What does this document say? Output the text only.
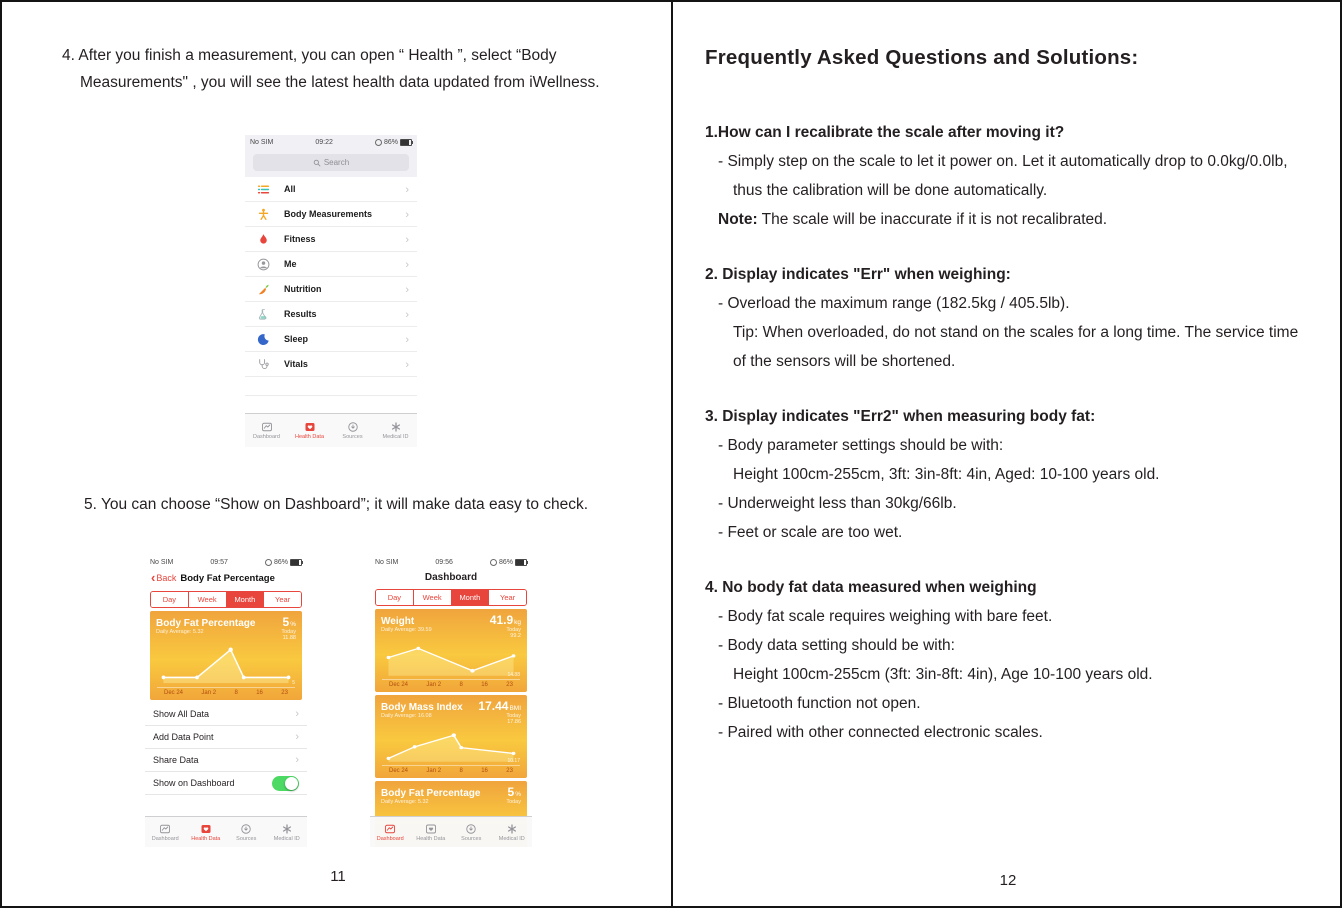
4. After you finish a measurement, you can open “ Health ”, select “Body
Measurements" , you will see the latest health data updated from iWellness.
No SIM	09:22	86%
Search
All
›
Body Measurements
›
Fitness
›
Me
›
Nutrition
›
Results
›
Sleep
›
Vitals
›
Dashboard	Health Data	Sources	Medical ID
5. You can choose “Show on Dashboard”; it will make data easy to check.
No SIM	09:57	86%
‹ Back Body Fat Percentage
Day	Week	Month	Year
Body Fat Percentage	5 %
Daily Average: 5.32	Today
11.88
5
Dec 24	Jan 2	8	16	23
Show All Data
›
Add Data Point
›
Share Data
›
Show on Dashboard
Dashboard Health Data	Sources	Medical ID
No SIM	09:56	86%
Dashboard
Day	Week	Month	Year
Weight	41.9 kg
Daily Average: 39.59	Today
99.2
14.88
Dec 24	Jan 2	8	16	23
Body Mass Index	17.44 BMI
Daily Average: 16.08	Today
17.86
10.17
Dec 24	Jan 2	8	16	23
Body Fat Percentage	5 %
Daily Average: 5.32	Today
Dashboard Health Data	Sources	Medical ID
11
Frequently Asked Questions and Solutions:
1.How can I recalibrate the scale after moving it?
- Simply step on the scale to let it power on. Let it automatically drop to 0.0kg/0.0lb,
thus the calibration will be done automatically.
Note: The scale will be inaccurate if it is not recalibrated.
2. Display indicates "Err" when weighing:
- Overload the maximum range (182.5kg / 405.5lb).
Tip: When overloaded, do not stand on the scales for a long time. The service time
of the sensors will be shortened.
3. Display indicates "Err2" when measuring body fat:
- Body parameter settings should be with:
Height 100cm-255cm, 3ft: 3in-8ft: 4in, Aged: 10-100 years old.
- Underweight less than 30kg/66lb.
- Feet or scale are too wet.
4. No body fat data measured when weighing
- Body fat scale requires weighing with bare feet.
- Body data setting should be with:
Height 100cm-255cm (3ft: 3in-8ft: 4in), Age 10-100 years old.
- Bluetooth function not open.
- Paired with other connected electronic scales.
12
